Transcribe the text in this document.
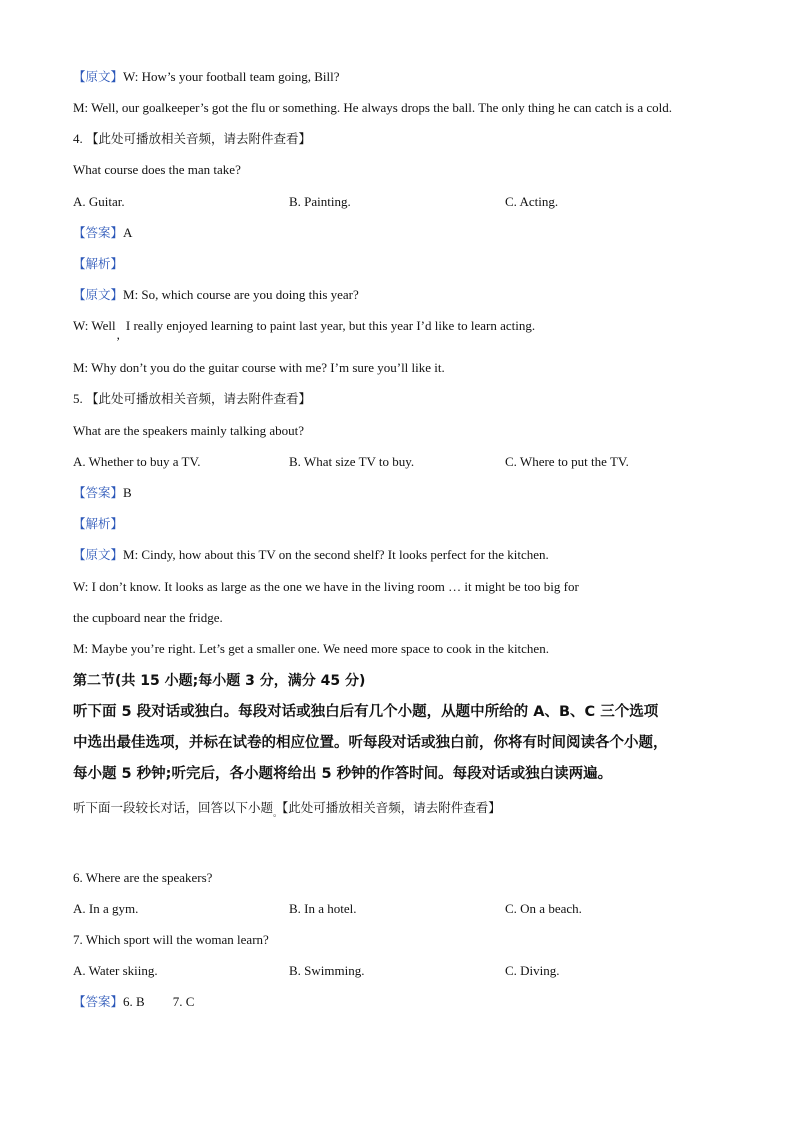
【原文】W: How’s your football team going, Bill?
M: Well, our goalkeeper’s got the flu or something. He always drops the ball. The only thing he can catch is a cold.
4. 【此处可播放相关音频，请去附件查看】
What course does the man take?
A. Guitar.	B. Painting.	C. Acting.
【答案】A
【解析】
【原文】M: So, which course are you doing this year?
W: Well,I really enjoyed learning to paint last year, but this year I’d like to learn acting.
M: Why don’t you do the guitar course with me? I’m sure you’ll like it.
5. 【此处可播放相关音频，请去附件查看】
What are the speakers mainly talking about?
A. Whether to buy a TV.	B. What size TV to buy.	C. Where to put the TV.
【答案】B
【解析】
【原文】M: Cindy, how about this TV on the second shelf? It looks perfect for the kitchen.
W: I don’t know. It looks as large as the one we have in the living room … it might be too big for
the cupboard near the fridge.
M: Maybe you’re right. Let’s get a smaller one. We need more space to cook in the kitchen.
第二节(共 15 小题;每小题 3 分，满分 45 分)
听下面 5 段对话或独白。每段对话或独白后有几个小题，从题中所给的 A、B、C 三个选项
中选出最佳选项，并标在试卷的相应位置。听每段对话或独白前，你将有时间阅读各个小题，
每小题 5 秒钟;听完后，各小题将给出 5 秒钟的作答时间。每段对话或独白读两遍。
听下面一段较长对话，回答以下小题$_。$【此处可播放相关音频，请去附件查看】
6. Where are the speakers?
A. In a gym.	B. In a hotel.	C. On a beach.
7. Which sport will the woman learn?
A. Water skiing.	B. Swimming.	C. Diving.
【答案】6. B 7. C
